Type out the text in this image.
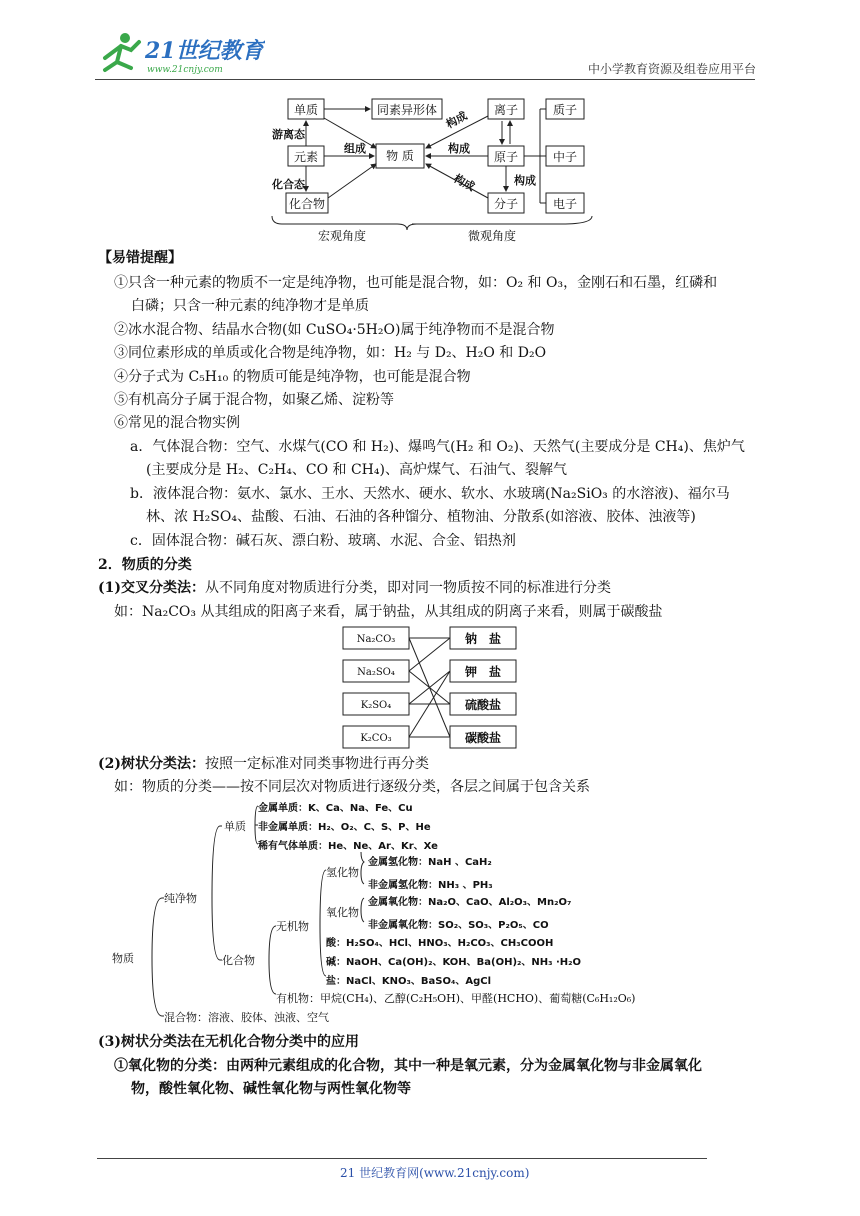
21世纪教育
www.21cnjy.com	中小学教育资源及组卷应用平台
单质	同素异形体
元素
化合物
物 质
离子
原子
分子
质子
中子
电子
游离态
化合态
组成
构成
构成
构成	构成
宏观角度	微观角度
【易错提醒】
①只含一种元素的物质不一定是纯净物，也可能是混合物，如：O₂ 和 O₃，金刚石和石墨，红磷和
白磷；只含一种元素的纯净物才是单质
②冰水混合物、结晶水合物(如 CuSO₄·5H₂O)属于纯净物而不是混合物
③同位素形成的单质或化合物是纯净物，如：H₂ 与 D₂、H₂O 和 D₂O
④分子式为 C₅H₁₀ 的物质可能是纯净物，也可能是混合物
⑤有机高分子属于混合物，如聚乙烯、淀粉等
⑥常见的混合物实例
a．气体混合物：空气、水煤气(CO 和 H₂)、爆鸣气(H₂ 和 O₂)、天然气(主要成分是 CH₄)、焦炉气
(主要成分是 H₂、C₂H₄、CO 和 CH₄)、高炉煤气、石油气、裂解气
b．液体混合物：氨水、氯水、王水、天然水、硬水、软水、水玻璃(Na₂SiO₃ 的水溶液)、福尔马
林、浓 H₂SO₄、盐酸、石油、石油的各种馏分、植物油、分散系(如溶液、胶体、浊液等)
c．固体混合物：碱石灰、漂白粉、玻璃、水泥、合金、铝热剂
2．物质的分类
(1)交叉分类法：从不同角度对物质进行分类，即对同一物质按不同的标准进行分类
如：Na₂CO₃ 从其组成的阳离子来看，属于钠盐，从其组成的阴离子来看，则属于碳酸盐
Na₂CO₃
Na₂SO₄
K₂SO₄
K₂CO₃
钠　盐
钾　盐
硫酸盐
碳酸盐
(2)树状分类法：按照一定标准对同类事物进行再分类
如：物质的分类——按不同层次对物质进行逐级分类，各层之间属于包含关系
物质
纯净物
混合物：溶液、胶体、浊液、空气
单质
金属单质：K、Ca、Na、Fe、Cu
非金属单质：H₂、O₂、C、S、P、He
稀有气体单质：He、Ne、Ar、Kr、Xe
化合物
无机物
氢化物
金属氢化物：NaH 、CaH₂
非金属氢化物：NH₃ 、PH₃
氧化物
金属氧化物：Na₂O、CaO、Al₂O₃、Mn₂O₇
非金属氧化物：SO₂、SO₃、P₂O₅、CO
酸：H₂SO₄、HCl、HNO₃、H₂CO₃、CH₃COOH
碱：NaOH、Ca(OH)₂、KOH、Ba(OH)₂、NH₃ ·H₂O
盐：NaCl、KNO₃、BaSO₄、AgCl
有机物：甲烷(CH₄)、乙醇(C₂H₅OH)、甲醛(HCHO)、葡萄糖(C₆H₁₂O₆)
(3)树状分类法在无机化合物分类中的应用
①氧化物的分类：由两种元素组成的化合物，其中一种是氧元素，分为金属氧化物与非金属氧化
物，酸性氧化物、碱性氧化物与两性氧化物等
21 世纪教育网(www.21cnjy.com)
